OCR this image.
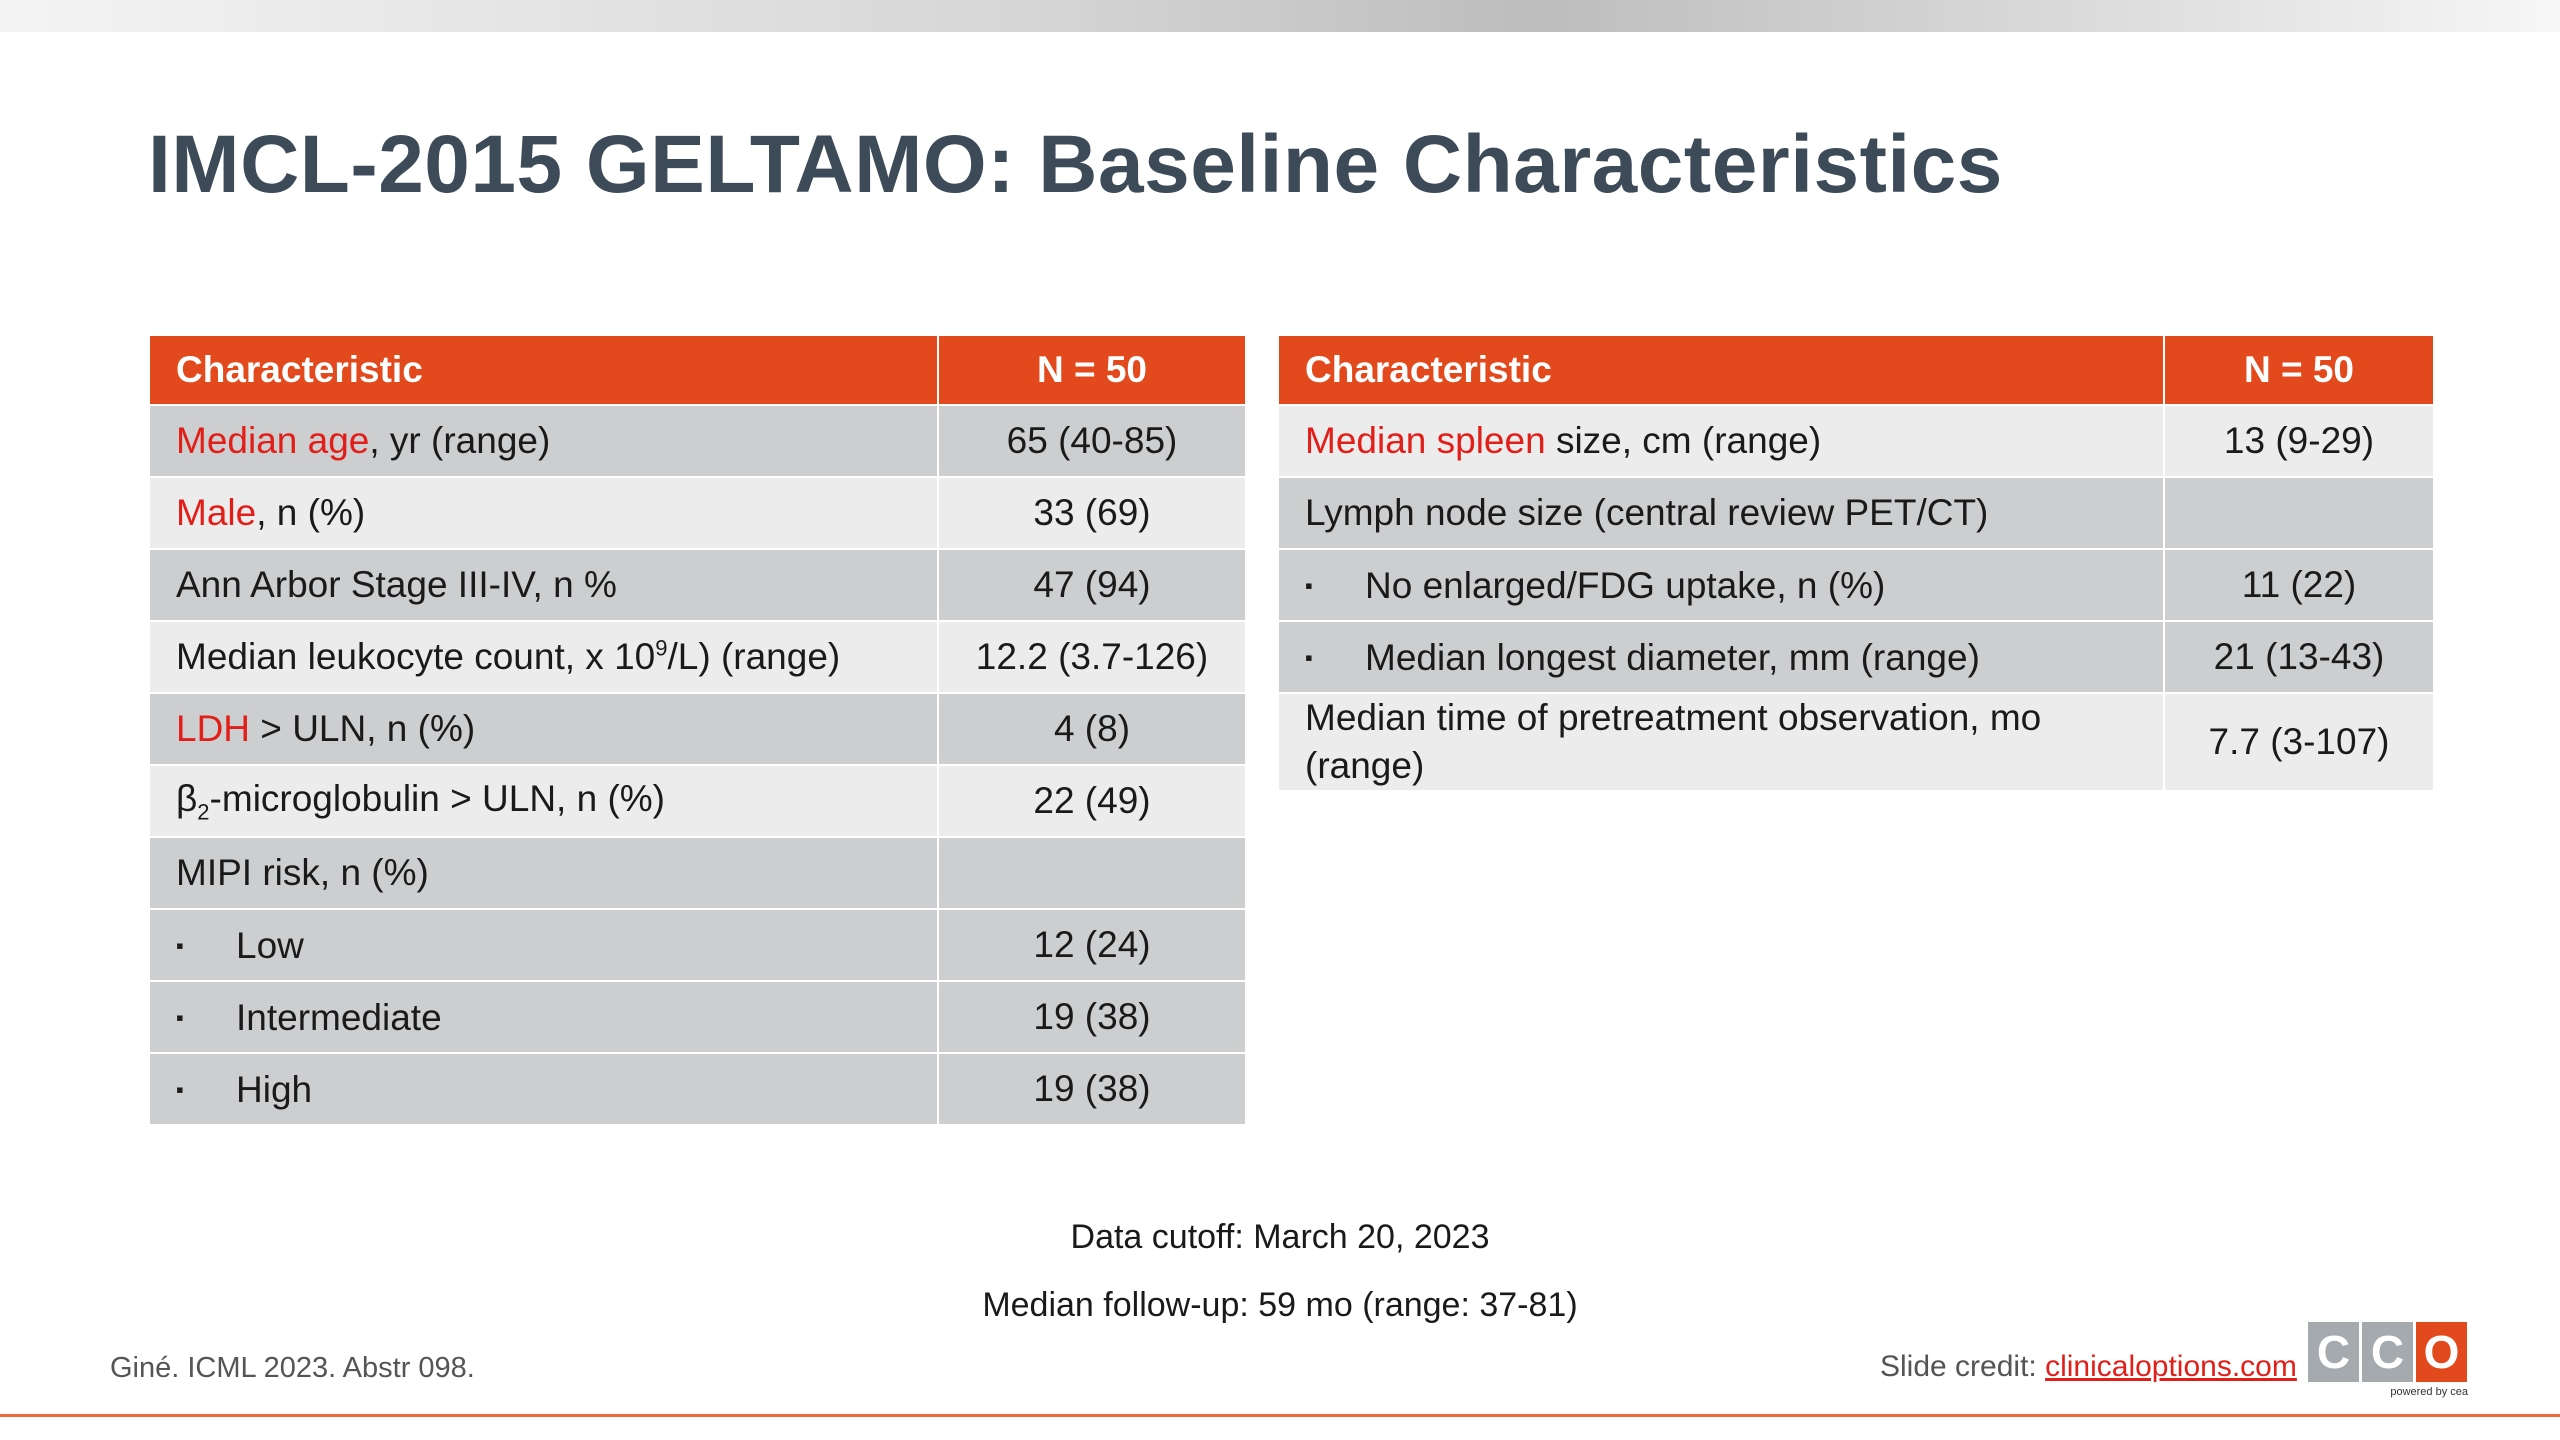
IMCL-2015 GELTAMO: Baseline Characteristics
Characteristic	N = 50
Median age, yr (range)	65 (40-85)
Male, n (%)	33 (69)
Ann Arbor Stage III-IV, n %	47 (94)
Median leukocyte count, x $10^9/L$) (range)	12.2 (3.7-126)
LDH > ULN, n (%)	4 (8)
$\beta_2$-microglobulin > ULN, n (%)	22 (49)
MIPI risk, n (%)	
▪ Low	12 (24)
▪ Intermediate	19 (38)
▪ High	19 (38)
Characteristic	N = 50
Median spleen size, cm (range)	13 (9-29)
Lymph node size (central review PET/CT)	
▪ No enlarged/FDG uptake, n (%)	11 (22)
▪ Median longest diameter, mm (range)	21 (13-43)
Median time of pretreatment observation, mo (range)	7.7 (3-107)
Data cutoff: March 20, 2023
Median follow-up: 59 mo (range: 37-81)
Giné. ICML 2023. Abstr 098.	Slide credit: clinicaloptions.com C C O
powered by cea
